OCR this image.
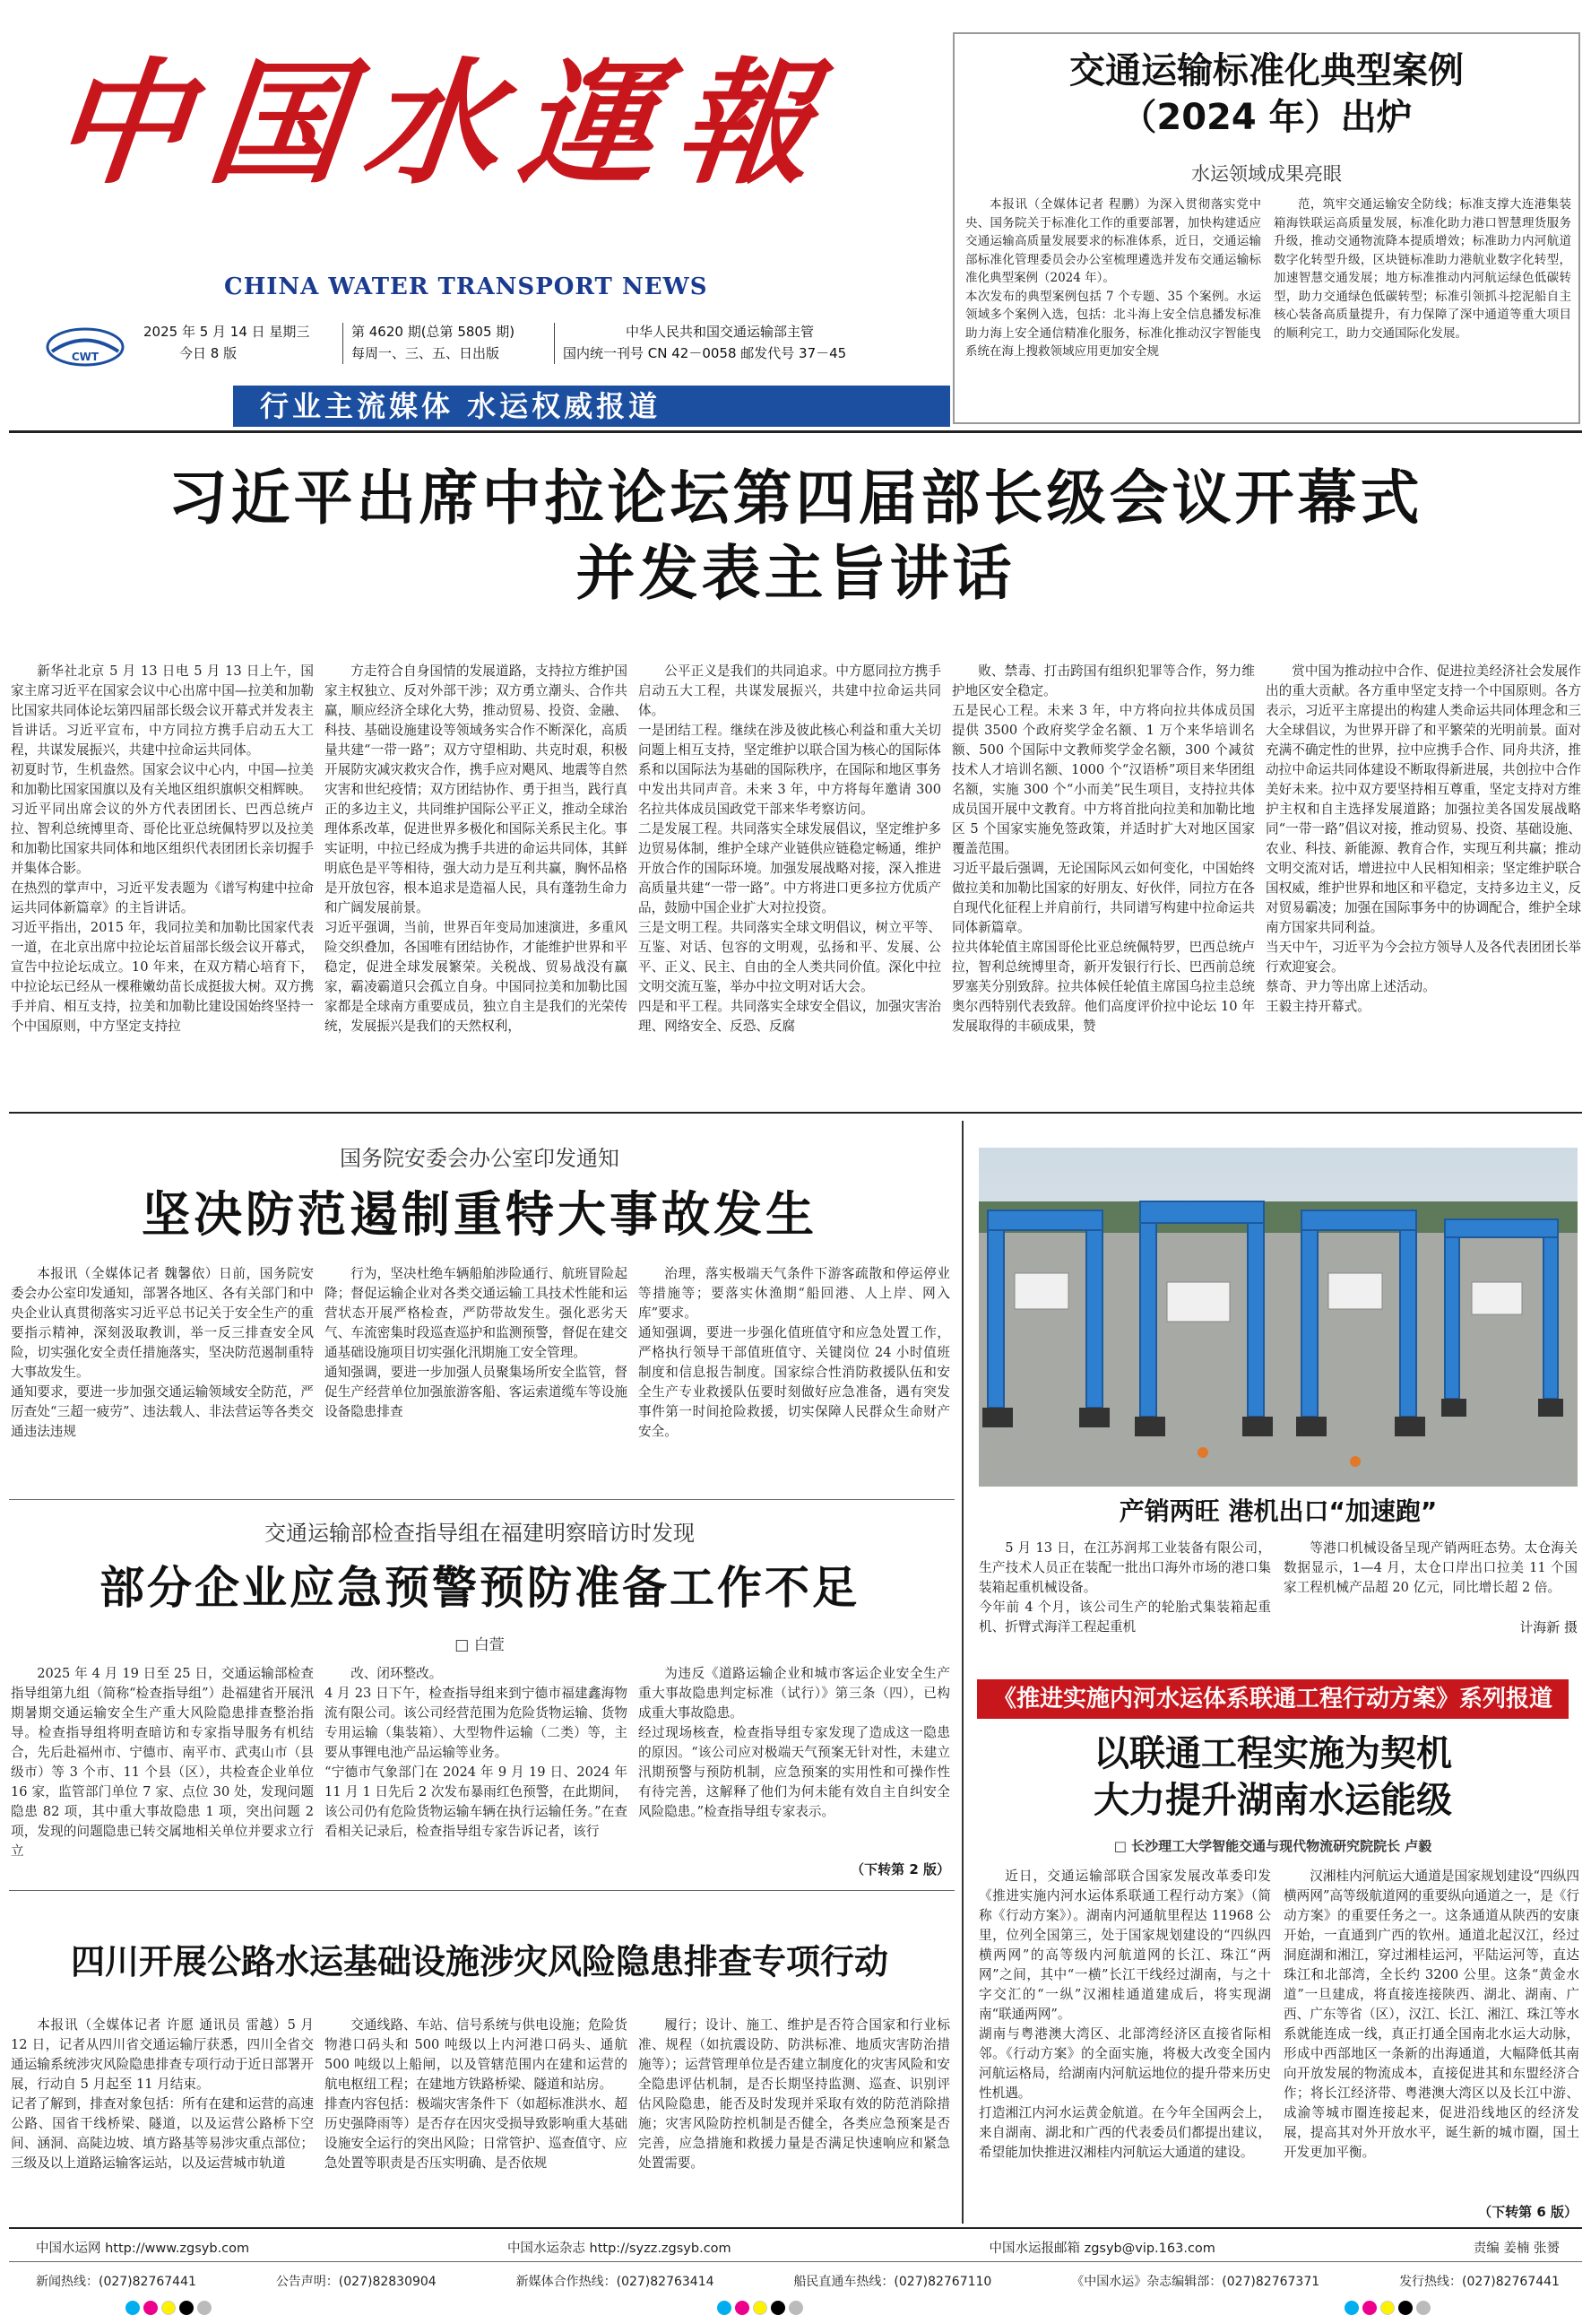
中国水運報
CHINA WATER TRANSPORT NEWS
CWT
2025 年 5 月 14 日 星期三
今日 8 版
第 4620 期(总第 5805 期)
每周一、三、五、日出版
中华人民共和国交通运输部主管
国内统一刊号 CN 42－0058 邮发代号 37－45
行业主流媒体 水运权威报道
交通运输标准化典型案例
（2024 年）出炉
水运领域成果亮眼
本报讯（全媒体记者 程鹏）为深入贯彻落实党中央、国务院关于标准化工作的重要部署，加快构建适应交通运输高质量发展要求的标准体系，近日，交通运输部标准化管理委员会办公室梳理遴选并发布交通运输标准化典型案例（2024 年）。
本次发布的典型案例包括 7 个专题、35 个案例。水运领域多个案例入选，包括：北斗海上安全信息播发标准助力海上安全通信精准化服务，标准化推动汉字智能曳系统在海上搜救领域应用更加安全规
范，筑牢交通运输安全防线；标准支撑大连港集装箱海铁联运高质量发展，标准化助力港口智慧理货服务升级，推动交通物流降本提质增效；标准助力内河航道数字化转型升级，区块链标准助力港航业数字化转型，加速智慧交通发展；地方标准推动内河航运绿色低碳转型，助力交通绿色低碳转型；标准引领抓斗挖泥船自主核心装备高质量提升，有力保障了深中通道等重大项目的顺利完工，助力交通国际化发展。
习近平出席中拉论坛第四届部长级会议开幕式
并发表主旨讲话
新华社北京 5 月 13 日电 5 月 13 日上午，国家主席习近平在国家会议中心出席中国—拉美和加勒比国家共同体论坛第四届部长级会议开幕式并发表主旨讲话。习近平宣布，中方同拉方携手启动五大工程，共谋发展振兴，共建中拉命运共同体。
初夏时节，生机盎然。国家会议中心内，中国—拉美和加勒比国家国旗以及有关地区组织旗帜交相辉映。
习近平同出席会议的外方代表团团长、巴西总统卢拉、智利总统博里奇、哥伦比亚总统佩特罗以及拉美和加勒比国家共同体和地区组织代表团团长亲切握手并集体合影。
在热烈的掌声中，习近平发表题为《谱写构建中拉命运共同体新篇章》的主旨讲话。
习近平指出，2015 年，我同拉美和加勒比国家代表一道，在北京出席中拉论坛首届部长级会议开幕式，宣告中拉论坛成立。10 年来，在双方精心培育下，中拉论坛已经从一棵稚嫩幼苗长成挺拔大树。双方携手并肩、相互支持，拉美和加勒比建设国始终坚持一个中国原则，中方坚定支持拉
方走符合自身国情的发展道路，支持拉方维护国家主权独立、反对外部干涉；双方勇立潮头、合作共赢，顺应经济全球化大势，推动贸易、投资、金融、科技、基础设施建设等领域务实合作不断深化，高质量共建“一带一路”；双方守望相助、共克时艰，积极开展防灾减灾救灾合作，携手应对飓风、地震等自然灾害和世纪疫情；双方团结协作、勇于担当，践行真正的多边主义，共同维护国际公平正义，推动全球治理体系改革，促进世界多极化和国际关系民主化。事实证明，中拉已经成为携手共进的命运共同体，其鲜明底色是平等相待，强大动力是互利共赢，胸怀品格是开放包容，根本追求是造福人民，具有蓬勃生命力和广阔发展前景。
习近平强调，当前，世界百年变局加速演进，多重风险交织叠加，各国唯有团结协作，才能维护世界和平稳定，促进全球发展繁荣。关税战、贸易战没有赢家，霸凌霸道只会孤立自身。中国同拉美和加勒比国家都是全球南方重要成员，独立自主是我们的光荣传统，发展振兴是我们的天然权利，
公平正义是我们的共同追求。中方愿同拉方携手启动五大工程，共谋发展振兴，共建中拉命运共同体。
一是团结工程。继续在涉及彼此核心利益和重大关切问题上相互支持，坚定维护以联合国为核心的国际体系和以国际法为基础的国际秩序，在国际和地区事务中发出共同声音。未来 3 年，中方将每年邀请 300 名拉共体成员国政党干部来华考察访问。
二是发展工程。共同落实全球发展倡议，坚定维护多边贸易体制，维护全球产业链供应链稳定畅通，维护开放合作的国际环境。加强发展战略对接，深入推进高质量共建“一带一路”。中方将进口更多拉方优质产品，鼓励中国企业扩大对拉投资。
三是文明工程。共同落实全球文明倡议，树立平等、互鉴、对话、包容的文明观，弘扬和平、发展、公平、正义、民主、自由的全人类共同价值。深化中拉文明交流互鉴，举办中拉文明对话大会。
四是和平工程。共同落实全球安全倡议，加强灾害治理、网络安全、反恐、反腐
败、禁毒、打击跨国有组织犯罪等合作，努力维护地区安全稳定。
五是民心工程。未来 3 年，中方将向拉共体成员国提供 3500 个政府奖学金名额、1 万个来华培训名额、500 个国际中文教师奖学金名额，300 个减贫技术人才培训名额、1000 个“汉语桥”项目来华团组名额，实施 300 个“小而美”民生项目，支持拉共体成员国开展中文教育。中方将首批向拉美和加勒比地区 5 个国家实施免签政策，并适时扩大对地区国家覆盖范围。
习近平最后强调，无论国际风云如何变化，中国始终做拉美和加勒比国家的好朋友、好伙伴，同拉方在各自现代化征程上并肩前行，共同谱写构建中拉命运共同体新篇章。
拉共体轮值主席国哥伦比亚总统佩特罗，巴西总统卢拉，智利总统博里奇，新开发银行行长、巴西前总统罗塞芙分别致辞。拉共体候任轮值主席国乌拉圭总统奥尔西特别代表致辞。他们高度评价拉中论坛 10 年发展取得的丰硕成果，赞
赏中国为推动拉中合作、促进拉美经济社会发展作出的重大贡献。各方重申坚定支持一个中国原则。各方表示，习近平主席提出的构建人类命运共同体理念和三大全球倡议，为世界开辟了和平繁荣的光明前景。面对充满不确定性的世界，拉中应携手合作、同舟共济，推动拉中命运共同体建设不断取得新进展，共创拉中合作美好未来。拉中双方要坚持相互尊重，坚定支持对方维护主权和自主选择发展道路；加强拉美各国发展战略同“一带一路”倡议对接，推动贸易、投资、基础设施、农业、科技、新能源、教育合作，实现互利共赢；推动文明交流对话，增进拉中人民相知相亲；坚定维护联合国权威，维护世界和地区和平稳定，支持多边主义，反对贸易霸凌；加强在国际事务中的协调配合，维护全球南方国家共同利益。
当天中午，习近平为今会拉方领导人及各代表团团长举行欢迎宴会。
蔡奇、尹力等出席上述活动。
王毅主持开幕式。
国务院安委会办公室印发通知
坚决防范遏制重特大事故发生
本报讯（全媒体记者 魏馨依）日前，国务院安委会办公室印发通知，部署各地区、各有关部门和中央企业认真贯彻落实习近平总书记关于安全生产的重要指示精神，深刻汲取教训，举一反三排查安全风险，切实强化安全责任措施落实，坚决防范遏制重特大事故发生。
通知要求，要进一步加强交通运输领域安全防范，严厉查处“三超一疲劳”、违法载人、非法营运等各类交通违法违规
行为，坚决杜绝车辆船舶涉险通行、航班冒险起降；督促运输企业对各类交通运输工具技术性能和运营状态开展严格检查，严防带故发生。强化恶劣天气、车流密集时段巡查巡护和监测预警，督促在建交通基础设施项目切实强化汛期施工安全管理。
通知强调，要进一步加强人员聚集场所安全监管，督促生产经营单位加强旅游客船、客运索道缆车等设施设备隐患排查
治理，落实极端天气条件下游客疏散和停运停业等措施等；要落实休渔期“船回港、人上岸、网入库”要求。
通知强调，要进一步强化值班值守和应急处置工作，严格执行领导干部值班值守、关键岗位 24 小时值班制度和信息报告制度。国家综合性消防救援队伍和安全生产专业救援队伍要时刻做好应急准备，遇有突发事件第一时间抢险救援，切实保障人民群众生命财产安全。
交通运输部检查指导组在福建明察暗访时发现
部分企业应急预警预防准备工作不足
□ 白萱
2025 年 4 月 19 日至 25 日，交通运输部检查指导组第九组（简称“检查指导组”）赴福建省开展汛期暑期交通运输安全生产重大风险隐患排查整治指导。检查指导组将明查暗访和专家指导服务有机结合，先后赴福州市、宁德市、南平市、武夷山市（县级市）等 3 个市、11 个县（区），共检查企业单位 16 家，监管部门单位 7 家、点位 30 处，发现问题隐患 82 项，其中重大事故隐患 1 项，突出问题 2 项，发现的问题隐患已转交属地相关单位并要求立行立
改、闭环整改。
4 月 23 日下午，检查指导组来到宁德市福建鑫海物流有限公司。该公司经营范围为危险货物运输、货物专用运输（集装箱）、大型物件运输（二类）等，主要从事锂电池产品运输等业务。
“宁德市气象部门在 2024 年 9 月 19 日、2024 年 11 月 1 日先后 2 次发布暴雨红色预警，在此期间，该公司仍有危险货物运输车辆在执行运输任务。”在查看相关记录后，检查指导组专家告诉记者，该行
为违反《道路运输企业和城市客运企业安全生产重大事故隐患判定标准（试行）》第三条（四），已构成重大事故隐患。
经过现场核查，检查指导组专家发现了造成这一隐患的原因。“该公司应对极端天气预案无针对性，未建立汛期预警与预防机制，应急预案的实用性和可操作性有待完善，这解释了他们为何未能有效自主自纠安全风险隐患。”检查指导组专家表示。
（下转第 2 版）
四川开展公路水运基础设施涉灾风险隐患排查专项行动
本报讯（全媒体记者 许愿 通讯员 雷越）5 月 12 日，记者从四川省交通运输厅获悉，四川全省交通运输系统涉灾风险隐患排查专项行动于近日部署开展，行动自 5 月起至 11 月结束。
记者了解到，排查对象包括：所有在建和运营的高速公路、国省干线桥梁、隧道，以及运营公路桥下空间、涵洞、高陡边坡、填方路基等易涉灾重点部位；三级及以上道路运输客运站，以及运营城市轨道
交通线路、车站、信号系统与供电设施；危险货物港口码头和 500 吨级以上内河港口码头、通航 500 吨级以上船闸，以及管辖范围内在建和运营的航电枢纽工程；在建地方铁路桥梁、隧道和站房。
排查内容包括：极端灾害条件下（如超标准洪水、超历史强降雨等）是否存在因灾受损导致影响重大基础设施安全运行的突出风险；日常管护、巡查值守、应急处置等职责是否压实明确、是否依规
履行；设计、施工、维护是否符合国家和行业标准、规程（如抗震设防、防洪标准、地质灾害防治措施等）；运营管理单位是否建立制度化的灾害风险和安全隐患评估机制，是否长期坚持监测、巡查、识别评估风险隐患，能否及时发现并采取有效的防范消除措施；灾害风险防控机制是否健全，各类应急预案是否完善，应急措施和救援力量是否满足快速响应和紧急处置需要。
产销两旺 港机出口“加速跑”
5 月 13 日，在江苏润邦工业装备有限公司，生产技术人员正在装配一批出口海外市场的港口集装箱起重机械设备。
今年前 4 个月，该公司生产的轮胎式集装箱起重机、折臂式海洋工程起重机
等港口机械设备呈现产销两旺态势。太仓海关数据显示，1—4 月，太仓口岸出口拉美 11 个国家工程机械产品超 20 亿元，同比增长超 2 倍。
计海新 摄
《推进实施内河水运体系联通工程行动方案》系列报道
以联通工程实施为契机
大力提升湖南水运能级
□ 长沙理工大学智能交通与现代物流研究院院长 卢毅
近日，交通运输部联合国家发展改革委印发《推进实施内河水运体系联通工程行动方案》（简称《行动方案》）。湖南内河通航里程达 11968 公里，位列全国第三，处于国家规划建设的“四纵四横两网”的高等级内河航道网的长江、珠江“两网”之间，其中“一横”长江干线经过湖南，与之十字交汇的“一纵”汉湘桂通道建成后，将实现湖南“联通两网”。
湖南与粤港澳大湾区、北部湾经济区直接省际相邻。《行动方案》的全面实施，将极大改变全国内河航运格局，给湖南内河航运地位的提升带来历史性机遇。
打造湘江内河水运黄金航道。在今年全国两会上，来自湖南、湖北和广西的代表委员们都提出建议，希望能加快推进汉湘桂内河航运大通道的建设。
汉湘桂内河航运大通道是国家规划建设“四纵四横两网”高等级航道网的重要纵向通道之一，是《行动方案》的重要任务之一。这条通道从陕西的安康开始，一直通到广西的钦州。通道北起汉江，经过洞庭湖和湘江，穿过湘桂运河，平陆运河等，直达珠江和北部湾，全长约 3200 公里。这条“黄金水道”一旦建成，将直接连接陕西、湖北、湖南、广西、广东等省（区），汉江、长江、湘江、珠江等水系就能连成一线，真正打通全国南北水运大动脉，形成中西部地区一条新的出海通道，大幅降低其南向开放发展的物流成本，直接促进其和东盟经济合作；将长江经济带、粤港澳大湾区以及长江中游、成渝等城市圈连接起来，促进沿线地区的经济发展，提高其对外开放水平，诞生新的城市圈，国土开发更加平衡。
（下转第 6 版）
中国水运网 http://www.zgsyb.com	中国水运杂志 http://syzz.zgsyb.com	中国水运报邮箱 zgsyb@vip.163.com	责编 姜楠 张赟
新闻热线：(027)82767441	公告声明：(027)82830904	新媒体合作热线：(027)82763414	船民直通车热线：(027)82767110	《中国水运》杂志编辑部：(027)82767371	发行热线：(027)82767441
